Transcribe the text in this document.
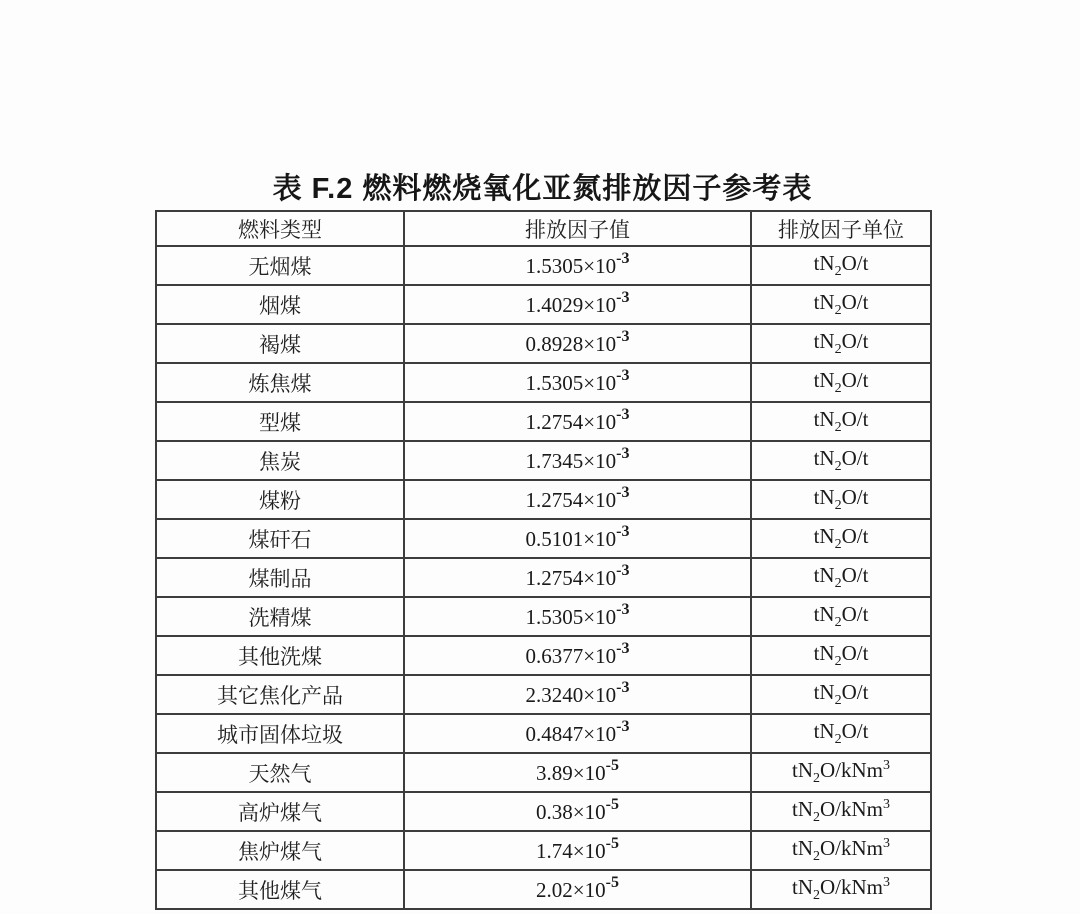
表 F.2 燃料燃烧氧化亚氮排放因子参考表
燃料类型	排放因子值	排放因子单位
无烟煤	1.5305×10-3	$tN_2O/t$
烟煤	1.4029×10-3	$tN_2O/t$
褐煤	0.8928×10-3	$tN_2O/t$
炼焦煤	1.5305×10-3	$tN_2O/t$
型煤	1.2754×10-3	$tN_2O/t$
焦炭	1.7345×10-3	$tN_2O/t$
煤粉	1.2754×10-3	$tN_2O/t$
煤矸石	0.5101×10-3	$tN_2O/t$
煤制品	1.2754×10-3	$tN_2O/t$
洗精煤	1.5305×10-3	$tN_2O/t$
其他洗煤	0.6377×10-3	$tN_2O/t$
其它焦化产品	2.3240×10-3	$tN_2O/t$
城市固体垃圾	0.4847×10-3	$tN_2O/t$
天然气	3.89×10-5	$tN_2O/kNm^3$
高炉煤气	0.38×10-5	$tN_2O/kNm^3$
焦炉煤气	1.74×10-5	$tN_2O/kNm^3$
其他煤气	2.02×10-5	$tN_2O/kNm^3$
